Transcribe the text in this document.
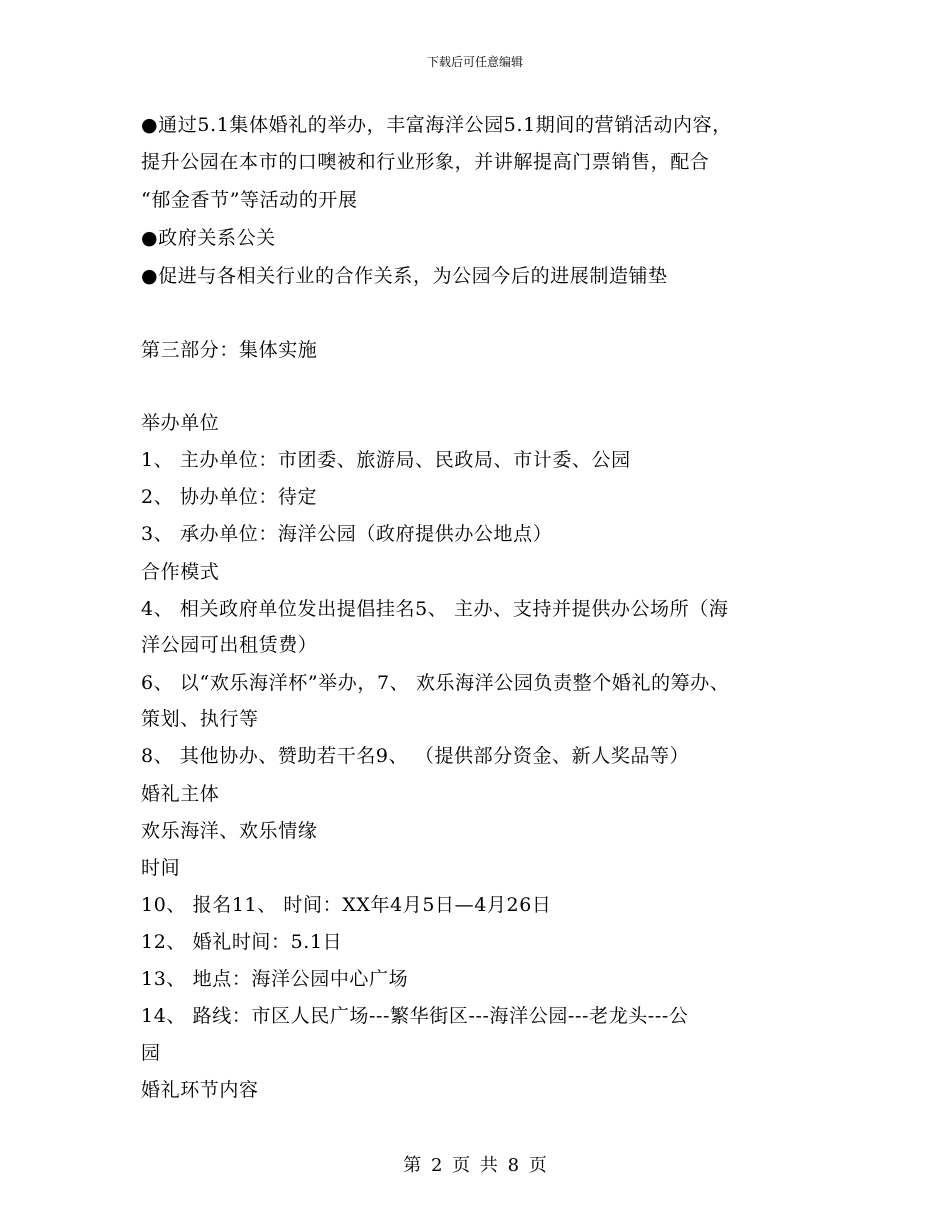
下载后可任意编辑
●通过5.1集体婚礼的举办，丰富海洋公园5.1期间的营销活动内容，
提升公园在本市的口噢被和行业形象，并讲解提高门票销售，配合
“郁金香节”等活动的开展
●政府关系公关
●促进与各相关行业的合作关系，为公园今后的进展制造铺垫
第三部分：集体实施
举办单位
1、 主办单位：市团委、旅游局、民政局、市计委、公园
2、 协办单位：待定
3、 承办单位：海洋公园（政府提供办公地点）
合作模式
4、 相关政府单位发出提倡挂名5、 主办、支持并提供办公场所（海
洋公园可出租赁费）
6、 以“欢乐海洋杯”举办，7、 欢乐海洋公园负责整个婚礼的筹办、
策划、执行等
8、 其他协办、赞助若干名9、 （提供部分资金、新人奖品等）
婚礼主体
欢乐海洋、欢乐情缘
时间
10、 报名11、 时间：XX年4月5日—4月26日
12、 婚礼时间：5.1日
13、 地点：海洋公园中心广场
14、 路线：市区人民广场---繁华街区---海洋公园---老龙头---公
园
婚礼环节内容
第 2 页 共 8 页
